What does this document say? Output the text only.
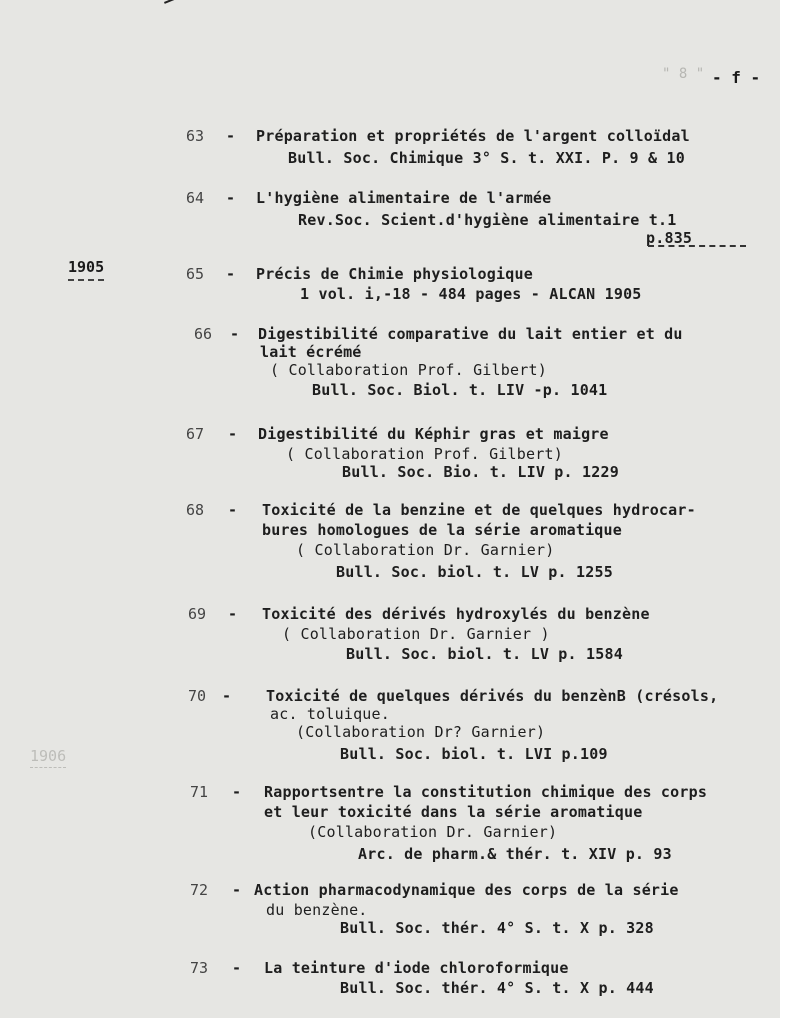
" 8 " - f -
1905
1906
63 - Préparation et propriétés de l'argent colloïdal
Bull. Soc. Chimique 3° S. t. XXI. P. 9 & 10
64 - L'hygiène alimentaire de l'armée
Rev.Soc. Scient.d'hygiène alimentaire t.1
p.835
65 - Précis de Chimie physiologique
1 vol. i,-18 - 484 pages - ALCAN 1905
66 - Digestibilité comparative du lait entier et du
lait écrémé
( Collaboration Prof. Gilbert)
Bull. Soc. Biol. t. LIV -p. 1041
67 - Digestibilité du Képhir gras et maigre
( Collaboration Prof. Gilbert)
Bull. Soc. Bio. t. LIV p. 1229
68 - Toxicité de la benzine et de quelques hydrocar-
bures homologues de la série aromatique
( Collaboration Dr. Garnier)
Bull. Soc. biol. t. LV p. 1255
69 - Toxicité des dérivés hydroxylés du benzène
( Collaboration Dr. Garnier )
Bull. Soc. biol. t. LV p. 1584
70 - Toxicité de quelques dérivés du benzènB (crésols,
ac. toluique.
(Collaboration Dr? Garnier)
Bull. Soc. biol. t. LVI p.109
71 - Rapportsentre la constitution chimique des corps
et leur toxicité dans la série aromatique
(Collaboration Dr. Garnier)
Arc. de pharm.& thér. t. XIV p. 93
72 - Action pharmacodynamique des corps de la série
du benzène.
Bull. Soc. thér. 4° S. t. X p. 328
73 - La teinture d'iode chloroformique
Bull. Soc. thér. 4° S. t. X p. 444
